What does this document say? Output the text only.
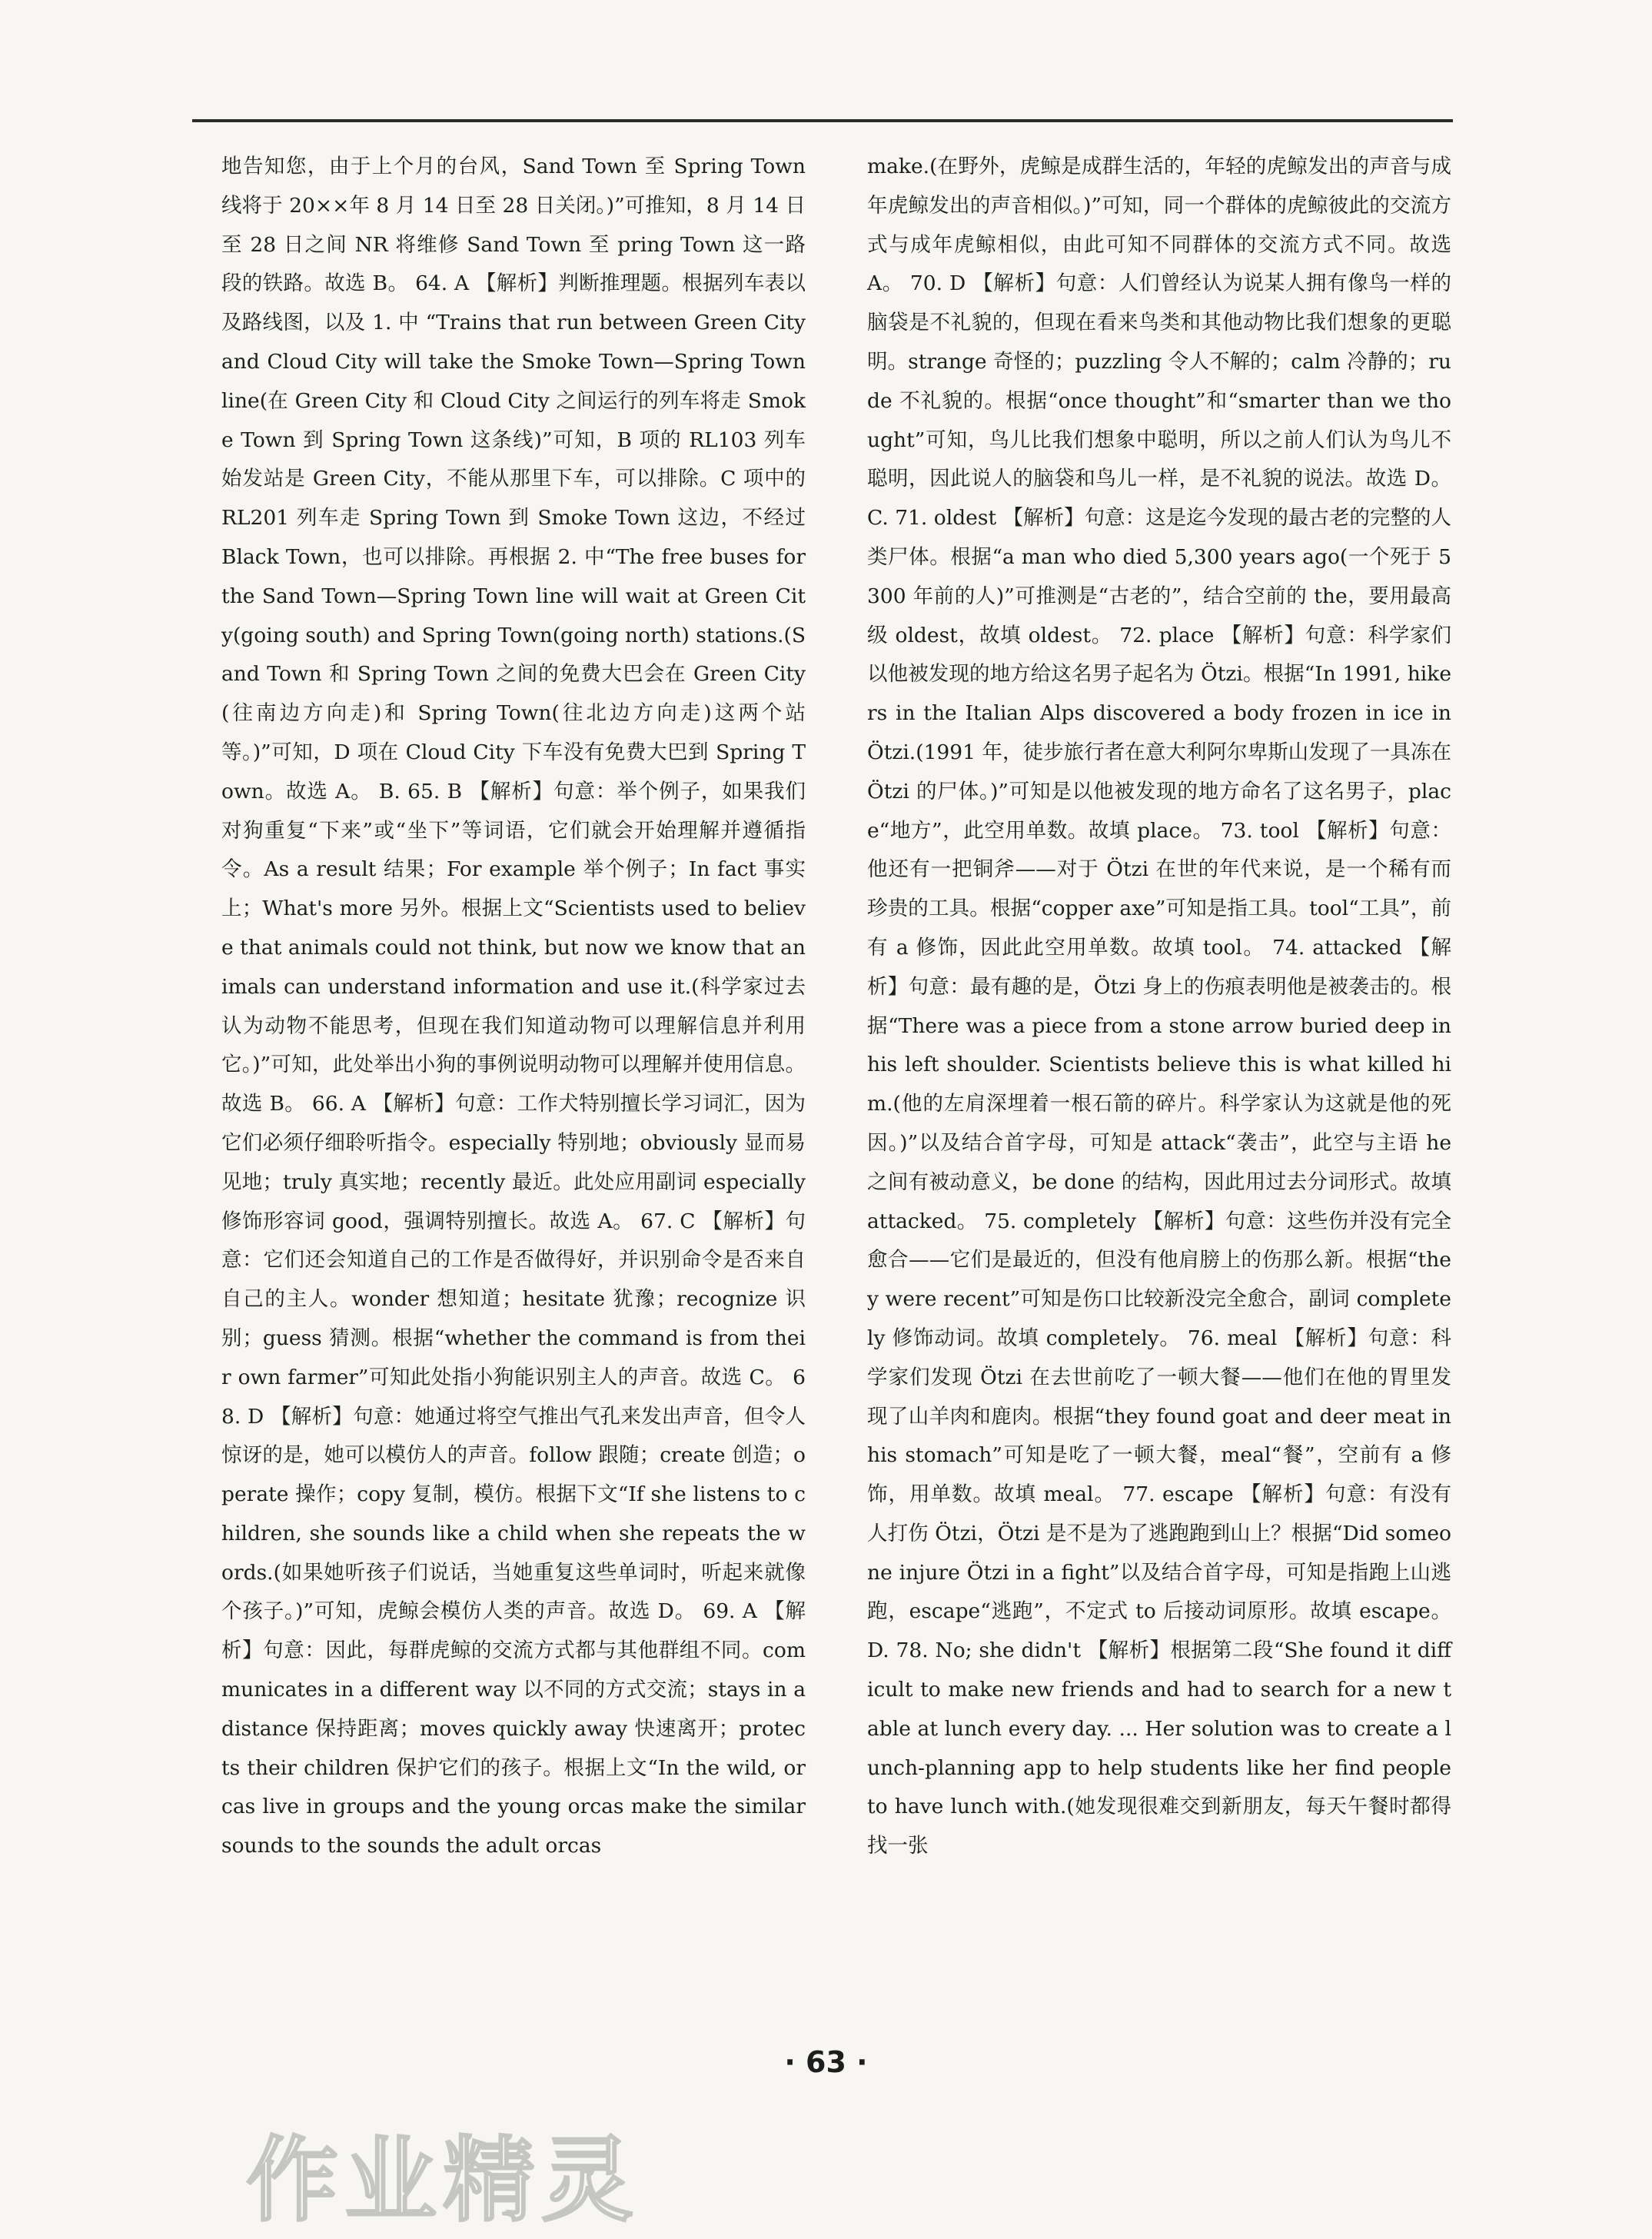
地告知您，由于上个月的台风，Sand Town 至 Spring Town 线将于 20××年 8 月 14 日至 28 日关闭。)”可推知，8 月 14 日至 28 日之间 NR 将维修 Sand Town 至 pring Town 这一路段的铁路。故选 B。 64. A 【解析】判断推理题。根据列车表以及路线图，以及 1. 中 “Trains that run between Green City and Cloud City will take the Smoke Town—Spring Town line(在 Green City 和 Cloud City 之间运行的列车将走 Smoke Town 到 Spring Town 这条线)”可知，B 项的 RL103 列车始发站是 Green City，不能从那里下车，可以排除。C 项中的 RL201 列车走 Spring Town 到 Smoke Town 这边，不经过 Black Town，也可以排除。再根据 2. 中“The free buses for the Sand Town—Spring Town line will wait at Green City(going south) and Spring Town(going north) stations.(Sand Town 和 Spring Town 之间的免费大巴会在 Green City(往南边方向走)和 Spring Town(往北边方向走)这两个站等。)”可知，D 项在 Cloud City 下车没有免费大巴到 Spring Town。故选 A。 B. 65. B 【解析】句意：举个例子，如果我们对狗重复“下来”或“坐下”等词语，它们就会开始理解并遵循指令。As a result 结果；For example 举个例子；In fact 事实上；What's more 另外。根据上文“Scientists used to believe that animals could not think, but now we know that animals can understand information and use it.(科学家过去认为动物不能思考，但现在我们知道动物可以理解信息并利用它。)”可知，此处举出小狗的事例说明动物可以理解并使用信息。故选 B。 66. A 【解析】句意：工作犬特别擅长学习词汇，因为它们必须仔细聆听指令。especially 特别地；obviously 显而易见地；truly 真实地；recently 最近。此处应用副词 especially 修饰形容词 good，强调特别擅长。故选 A。 67. C 【解析】句意：它们还会知道自己的工作是否做得好，并识别命令是否来自自己的主人。wonder 想知道；hesitate 犹豫；recognize 识别；guess 猜测。根据“whether the command is from their own farmer”可知此处指小狗能识别主人的声音。故选 C。 68. D 【解析】句意：她通过将空气推出气孔来发出声音，但令人惊讶的是，她可以模仿人的声音。follow 跟随；create 创造；operate 操作；copy 复制，模仿。根据下文“If she listens to children, she sounds like a child when she repeats the words.(如果她听孩子们说话，当她重复这些单词时，听起来就像个孩子。)”可知，虎鲸会模仿人类的声音。故选 D。 69. A 【解析】句意：因此，每群虎鲸的交流方式都与其他群组不同。communicates in a different way 以不同的方式交流；stays in a distance 保持距离；moves quickly away 快速离开；protects their children 保护它们的孩子。根据上文“In the wild, orcas live in groups and the young orcas make the similar sounds to the sounds the adult orcas

make.(在野外，虎鲸是成群生活的，年轻的虎鲸发出的声音与成年虎鲸发出的声音相似。)”可知，同一个群体的虎鲸彼此的交流方式与成年虎鲸相似，由此可知不同群体的交流方式不同。故选 A。 70. D 【解析】句意：人们曾经认为说某人拥有像鸟一样的脑袋是不礼貌的，但现在看来鸟类和其他动物比我们想象的更聪明。strange 奇怪的；puzzling 令人不解的；calm 冷静的；rude 不礼貌的。根据“once thought”和“smarter than we thought”可知，鸟儿比我们想象中聪明，所以之前人们认为鸟儿不聪明，因此说人的脑袋和鸟儿一样，是不礼貌的说法。故选 D。 C. 71. oldest 【解析】句意：这是迄今发现的最古老的完整的人类尸体。根据“a man who died 5,300 years ago(一个死于 5300 年前的人)”可推测是“古老的”，结合空前的 the，要用最高级 oldest，故填 oldest。 72. place 【解析】句意：科学家们以他被发现的地方给这名男子起名为 Ötzi。根据“In 1991, hikers in the Italian Alps discovered a body frozen in ice in Ötzi.(1991 年，徒步旅行者在意大利阿尔卑斯山发现了一具冻在 Ötzi 的尸体。)”可知是以他被发现的地方命名了这名男子，place“地方”，此空用单数。故填 place。 73. tool 【解析】句意：他还有一把铜斧——对于 Ötzi 在世的年代来说，是一个稀有而珍贵的工具。根据“copper axe”可知是指工具。tool“工具”，前有 a 修饰，因此此空用单数。故填 tool。 74. attacked 【解析】句意：最有趣的是，Ötzi 身上的伤痕表明他是被袭击的。根据“There was a piece from a stone arrow buried deep in his left shoulder. Scientists believe this is what killed him.(他的左肩深埋着一根石箭的碎片。科学家认为这就是他的死因。)”以及结合首字母，可知是 attack“袭击”，此空与主语 he 之间有被动意义，be done 的结构，因此用过去分词形式。故填 attacked。 75. completely 【解析】句意：这些伤并没有完全愈合——它们是最近的，但没有他肩膀上的伤那么新。根据“they were recent”可知是伤口比较新没完全愈合，副词 completely 修饰动词。故填 completely。 76. meal 【解析】句意：科学家们发现 Ötzi 在去世前吃了一顿大餐——他们在他的胃里发现了山羊肉和鹿肉。根据“they found goat and deer meat in his stomach”可知是吃了一顿大餐，meal“餐”，空前有 a 修饰，用单数。故填 meal。 77. escape 【解析】句意：有没有人打伤 Ötzi，Ötzi 是不是为了逃跑跑到山上？根据“Did someone injure Ötzi in a fight”以及结合首字母，可知是指跑上山逃跑，escape“逃跑”，不定式 to 后接动词原形。故填 escape。 D. 78. No; she didn't 【解析】根据第二段“She found it difficult to make new friends and had to search for a new table at lunch every day. ... Her solution was to create a lunch-planning app to help students like her find people to have lunch with.(她发现很难交到新朋友，每天午餐时都得找一张

· 63 ·
作业精灵
